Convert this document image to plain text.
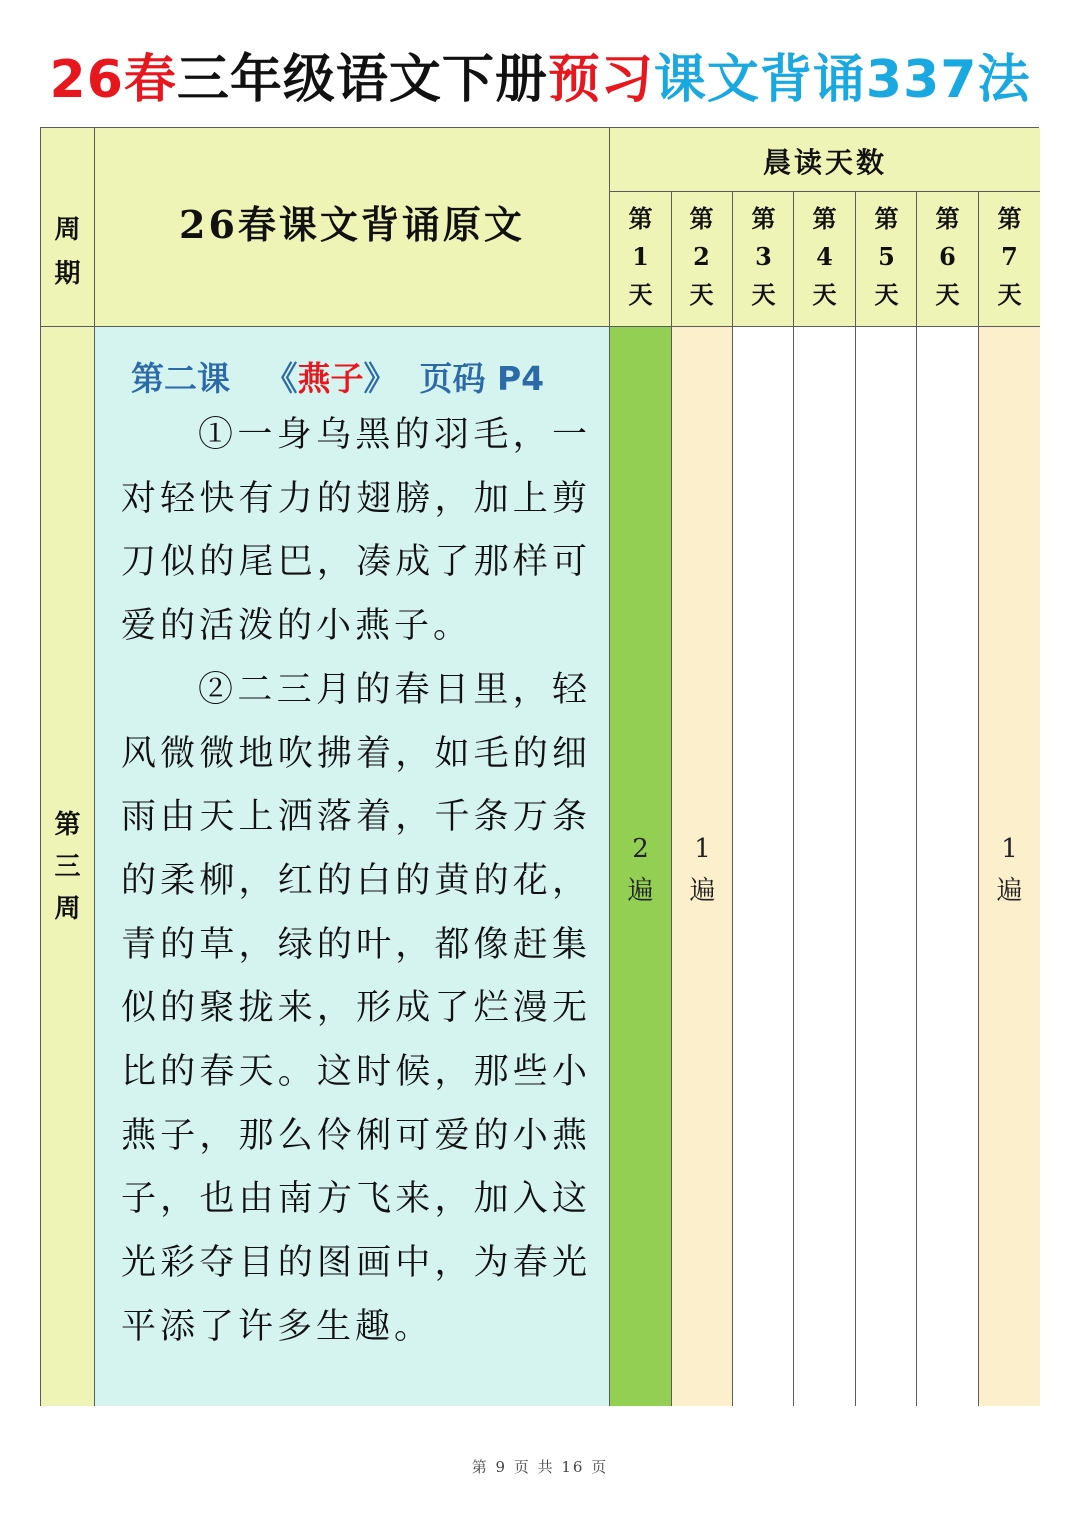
26春三年级语文下册预习课文背诵337法
周
期
26春课文背诵原文
晨读天数
第
1
天
第
2
天
第
3
天
第
4
天
第
5
天
第
6
天
第
7
天
第
三
周
第二课 《燕子》 页码 P4

①一身乌黑的羽毛，一对轻快有力的翅膀，加上剪刀似的尾巴，凑成了那样可爱的活泼的小燕子。

②二三月的春日里，轻风微微地吹拂着，如毛的细雨由天上洒落着，千条万条的柔柳，红的白的黄的花，青的草，绿的叶，都像赶集似的聚拢来，形成了烂漫无比的春天。这时候，那些小燕子，那么伶俐可爱的小燕子，也由南方飞来，加入这光彩夺目的图画中，为春光平添了许多生趣。

2
遍
1
遍
1
遍
第 9 页 共 16 页
